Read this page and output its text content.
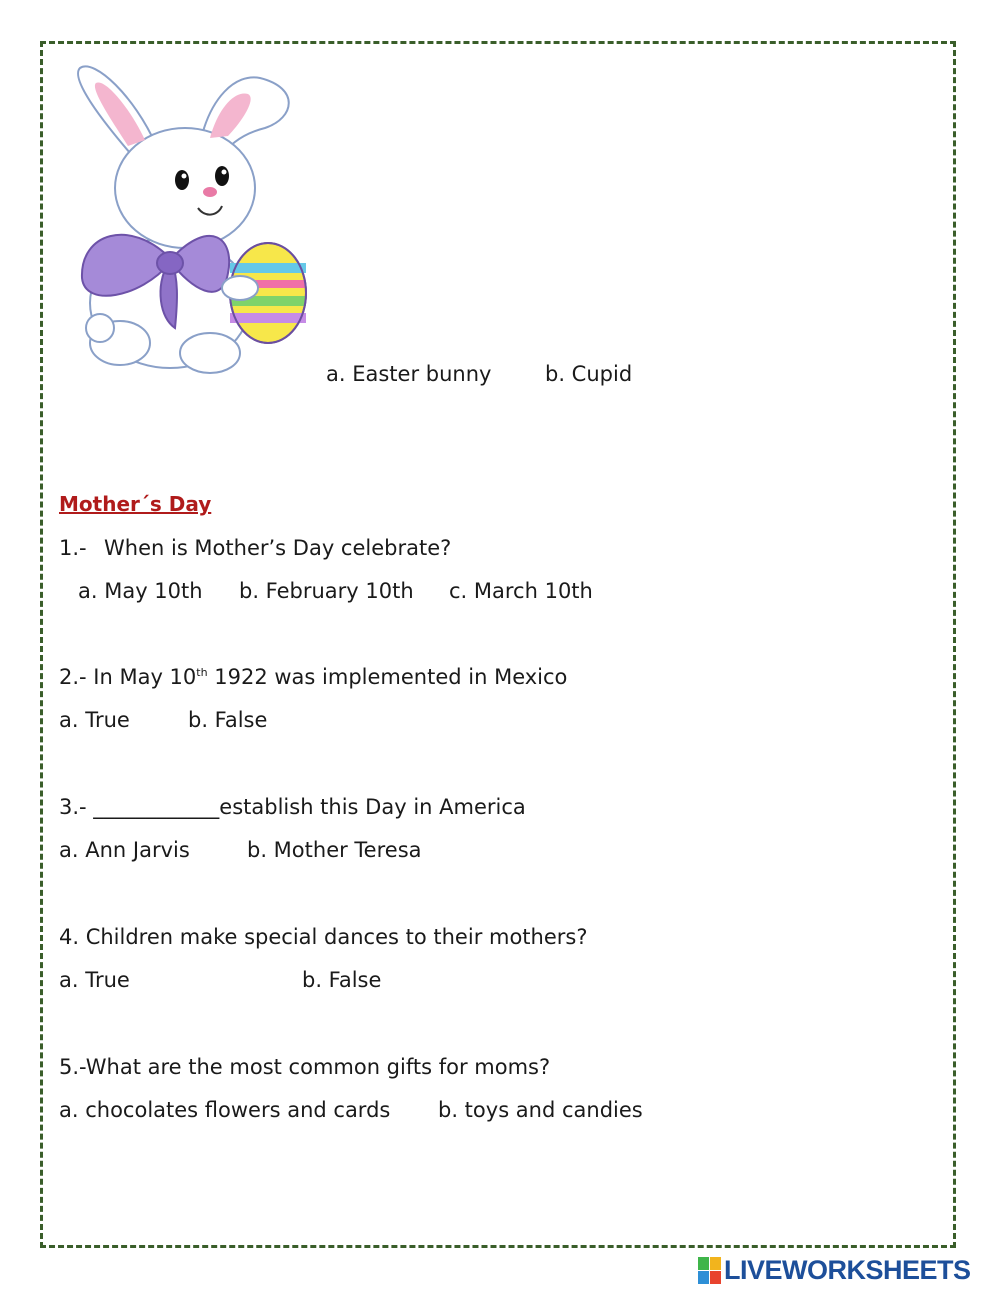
a. Easter bunny	b. Cupid
Mother´s Day
1.- When is Mother’s Day celebrate?
a. May 10th b. February 10th c. March 10th
2.- In May 10th 1922 was implemented in Mexico
a. True	b. False
3.- ____________establish this Day in America
a. Ann Jarvis	b. Mother Teresa
4. Children make special dances to their mothers?
a. True	b. False
5.-What are the most common gifts for moms?
a. chocolates flowers and cards b. toys and candies
LIVEWORKSHEETS
